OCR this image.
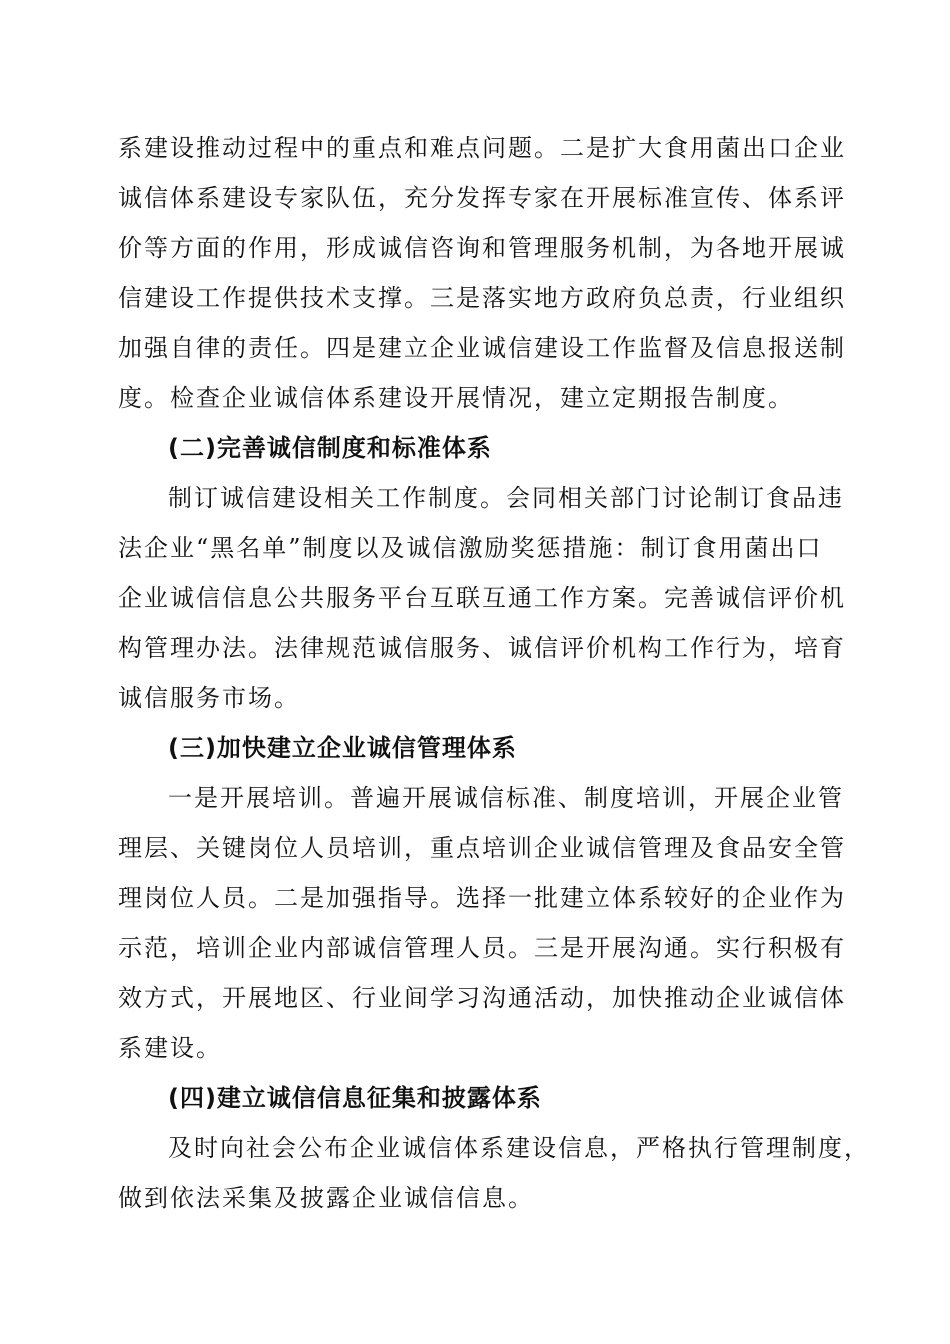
系建设推动过程中的重点和难点问题。二是扩大食用菌出口企业
诚信体系建设专家队伍，充分发挥专家在开展标准宣传、体系评
价等方面的作用，形成诚信咨询和管理服务机制，为各地开展诚
信建设工作提供技术支撑。三是落实地方政府负总责，行业组织
加强自律的责任。四是建立企业诚信建设工作监督及信息报送制
度。检查企业诚信体系建设开展情况，建立定期报告制度。
(二)完善诚信制度和标准体系
制订诚信建设相关工作制度。会同相关部门讨论制订食品违
法企业“黑名单”制度以及诚信激励奖惩措施：制订食用菌出口
企业诚信信息公共服务平台互联互通工作方案。完善诚信评价机
构管理办法。法律规范诚信服务、诚信评价机构工作行为，培育
诚信服务市场。
(三)加快建立企业诚信管理体系
一是开展培训。普遍开展诚信标准、制度培训，开展企业管
理层、关键岗位人员培训，重点培训企业诚信管理及食品安全管
理岗位人员。二是加强指导。选择一批建立体系较好的企业作为
示范，培训企业内部诚信管理人员。三是开展沟通。实行积极有
效方式，开展地区、行业间学习沟通活动，加快推动企业诚信体
系建设。
(四)建立诚信信息征集和披露体系
及时向社会公布企业诚信体系建设信息，严格执行管理制度，
做到依法采集及披露企业诚信信息。
